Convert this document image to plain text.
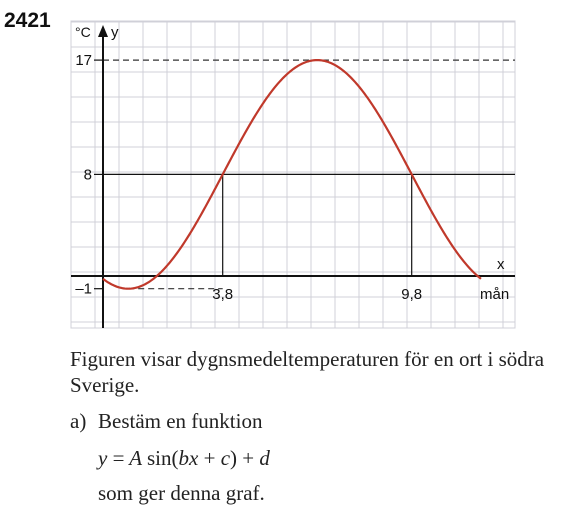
2421
17
8
–1	3,8	9,8
°C y
x
mån

Figuren visar dygnsmedeltemperaturen för en ort i södra Sverige.

a) Bestäm en funktion
y = A sin(bx + c) + d
som ger denna graf.
